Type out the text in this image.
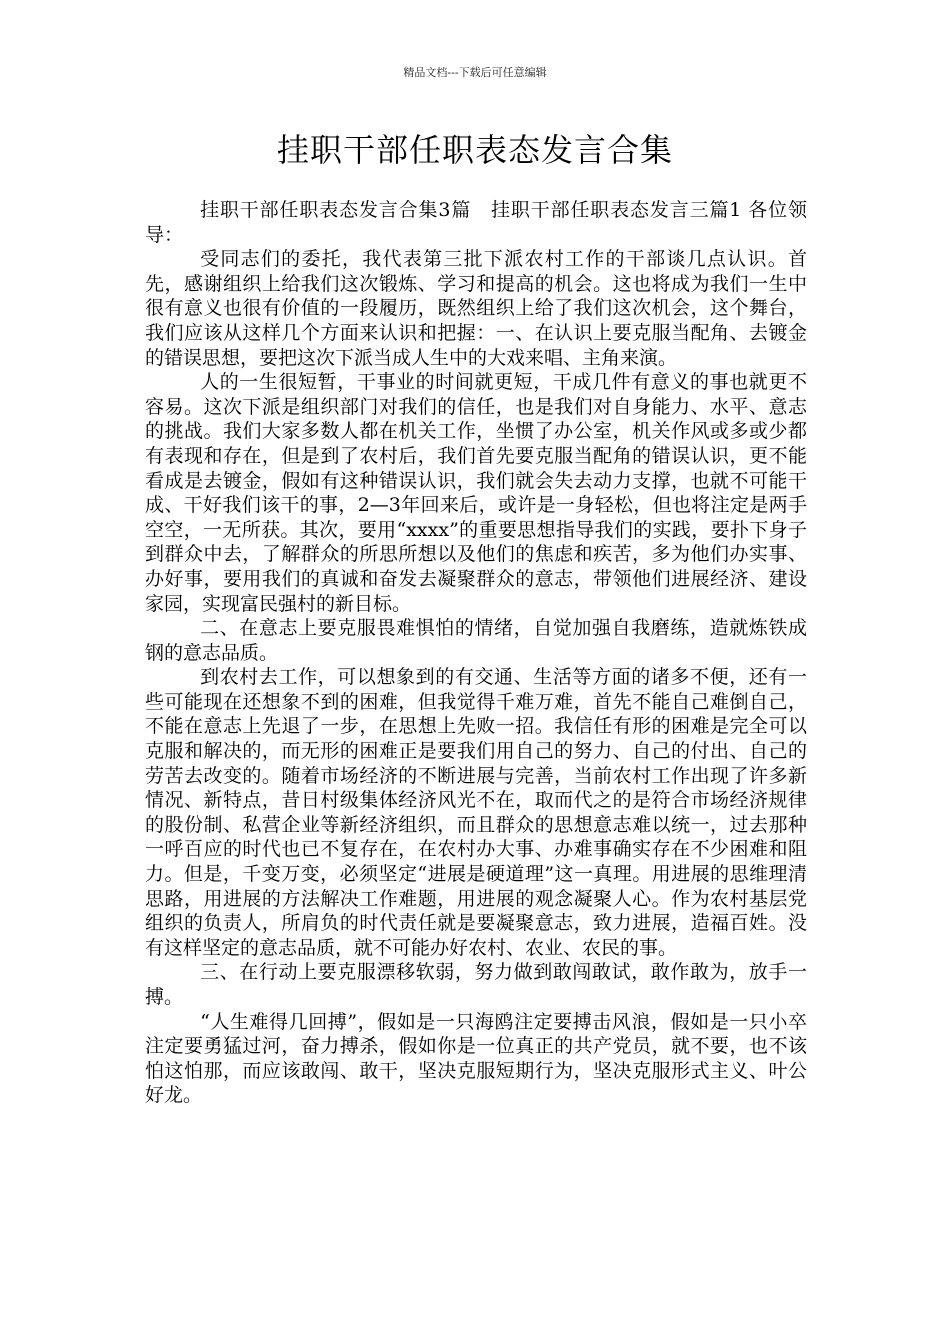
精品文档---下载后可任意编辑
挂职干部任职表态发言合集

挂职干部任职表态发言合集3篇　挂职干部任职表态发言三篇1 各位领导：

受同志们的委托，我代表第三批下派农村工作的干部谈几点认识。首先，感谢组织上给我们这次锻炼、学习和提高的机会。这也将成为我们一生中很有意义也很有价值的一段履历，既然组织上给了我们这次机会，这个舞台，我们应该从这样几个方面来认识和把握：一、在认识上要克服当配角、去镀金的错误思想，要把这次下派当成人生中的大戏来唱、主角来演。

人的一生很短暂，干事业的时间就更短，干成几件有意义的事也就更不容易。这次下派是组织部门对我们的信任，也是我们对自身能力、水平、意志的挑战。我们大家多数人都在机关工作，坐惯了办公室，机关作风或多或少都有表现和存在，但是到了农村后，我们首先要克服当配角的错误认识，更不能看成是去镀金，假如有这种错误认识，我们就会失去动力支撑，也就不可能干成、干好我们该干的事，2—3年回来后，或许是一身轻松，但也将注定是两手空空，一无所获。其次，要用“xxxx”的重要思想指导我们的实践，要扑下身子到群众中去，了解群众的所思所想以及他们的焦虑和疾苦，多为他们办实事、办好事，要用我们的真诚和奋发去凝聚群众的意志，带领他们进展经济、建设家园，实现富民强村的新目标。

二、在意志上要克服畏难惧怕的情绪，自觉加强自我磨练，造就炼铁成钢的意志品质。

到农村去工作，可以想象到的有交通、生活等方面的诸多不便，还有一些可能现在还想象不到的困难，但我觉得千难万难，首先不能自己难倒自己，不能在意志上先退了一步，在思想上先败一招。我信任有形的困难是完全可以克服和解决的，而无形的困难正是要我们用自己的努力、自己的付出、自己的劳苦去改变的。随着市场经济的不断进展与完善，当前农村工作出现了许多新情况、新特点，昔日村级集体经济风光不在，取而代之的是符合市场经济规律的股份制、私营企业等新经济组织，而且群众的思想意志难以统一，过去那种一呼百应的时代也已不复存在，在农村办大事、办难事确实存在不少困难和阻力。但是，千变万变，必须坚定“进展是硬道理”这一真理。用进展的思维理清思路，用进展的方法解决工作难题，用进展的观念凝聚人心。作为农村基层党组织的负责人，所肩负的时代责任就是要凝聚意志，致力进展，造福百姓。没有这样坚定的意志品质，就不可能办好农村、农业、农民的事。

三、在行动上要克服漂移软弱，努力做到敢闯敢试，敢作敢为，放手一搏。

“人生难得几回搏”，假如是一只海鸥注定要搏击风浪，假如是一只小卒注定要勇猛过河，奋力搏杀，假如你是一位真正的共产党员，就不要，也不该怕这怕那，而应该敢闯、敢干，坚决克服短期行为，坚决克服形式主义、叶公好龙。
